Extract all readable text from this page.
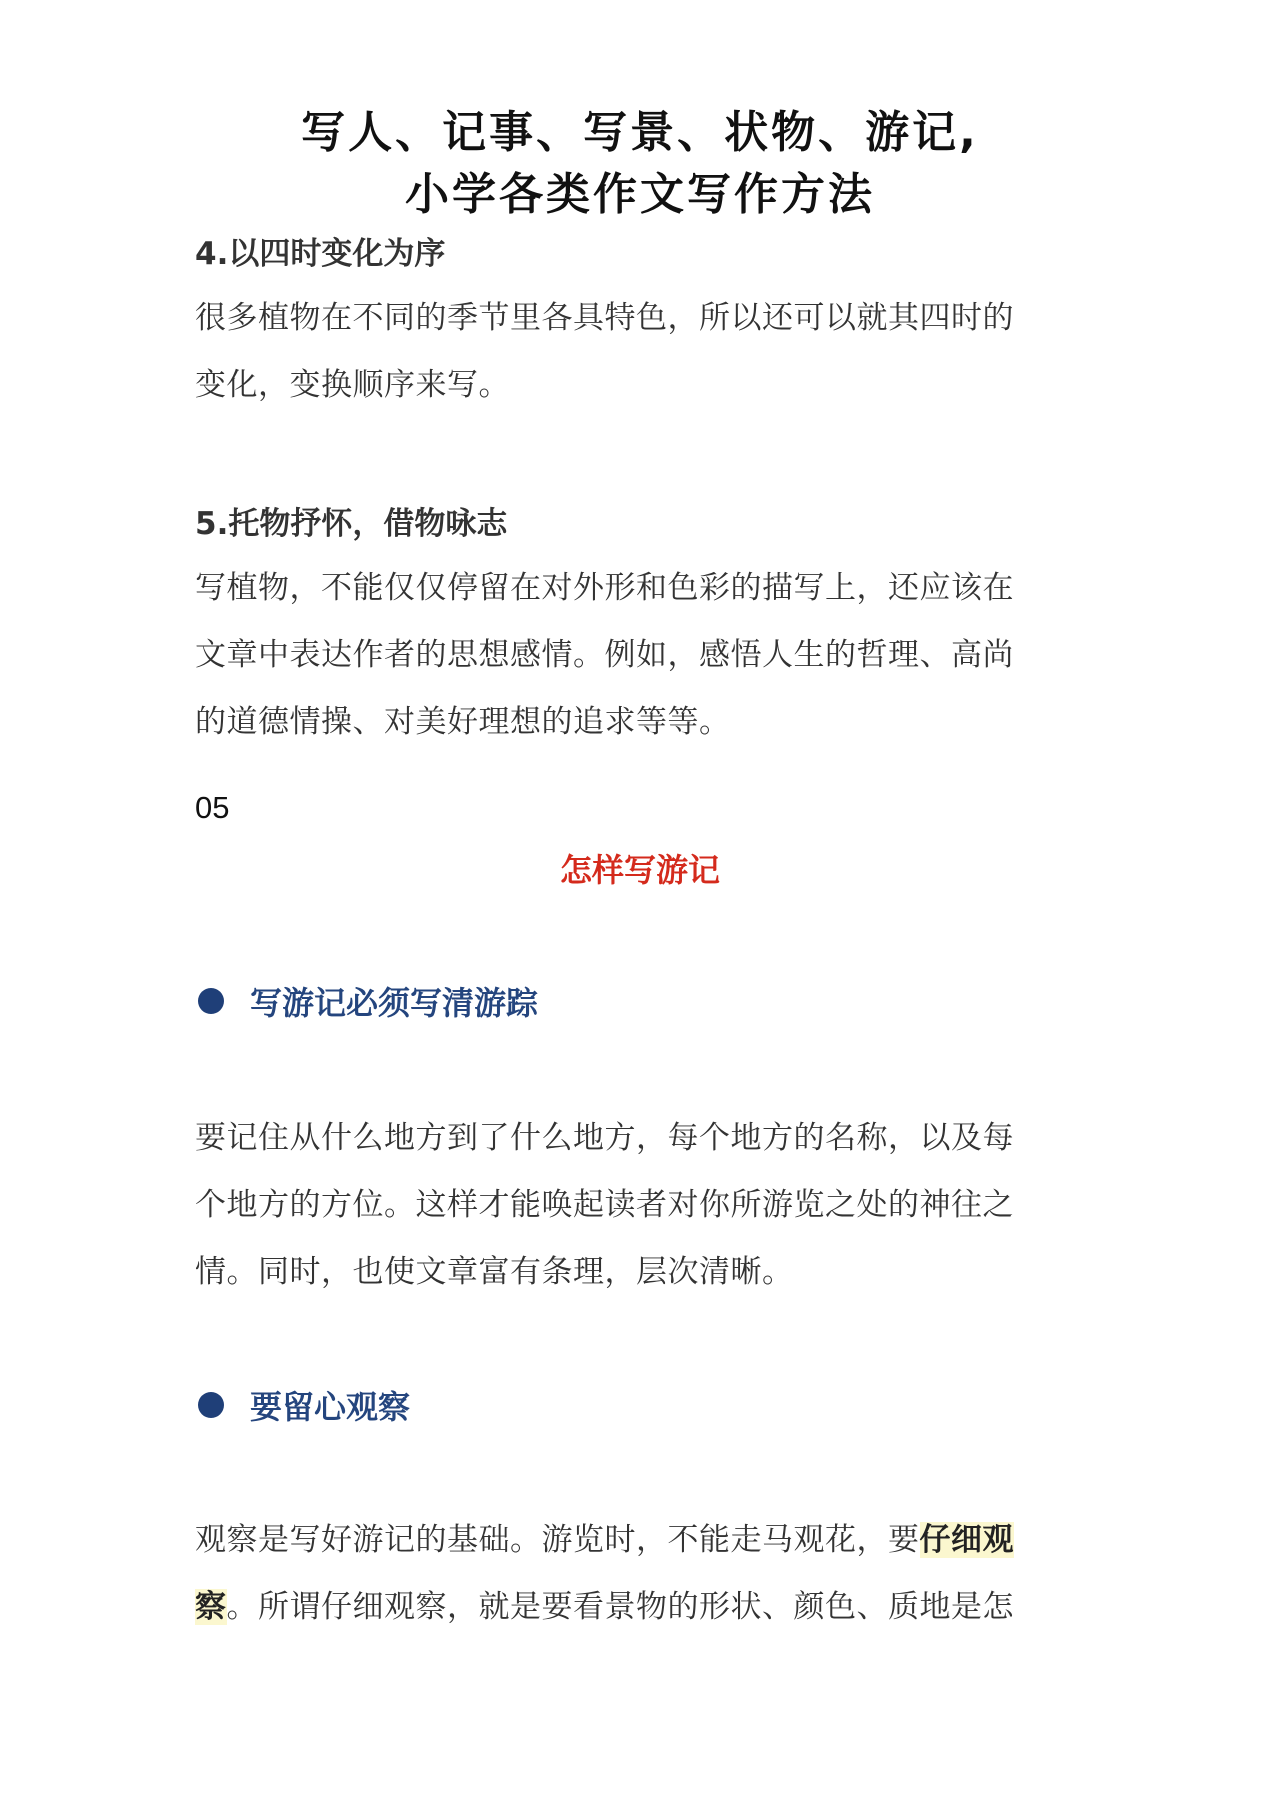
写人、记事、写景、状物、游记,
小学各类作文写作方法
4.以四时变化为序
很多植物在不同的季节里各具特色，所以还可以就其四时的
变化，变换顺序来写。
5.托物抒怀，借物咏志
写植物，不能仅仅停留在对外形和色彩的描写上，还应该在
文章中表达作者的思想感情。例如，感悟人生的哲理、高尚
的道德情操、对美好理想的追求等等。
05
怎样写游记
写游记必须写清游踪
要记住从什么地方到了什么地方，每个地方的名称，以及每
个地方的方位。这样才能唤起读者对你所游览之处的神往之
情。同时，也使文章富有条理，层次清晰。
要留心观察
观察是写好游记的基础。游览时，不能走马观花，要仔细观
察。所谓仔细观察，就是要看景物的形状、颜色、质地是怎
